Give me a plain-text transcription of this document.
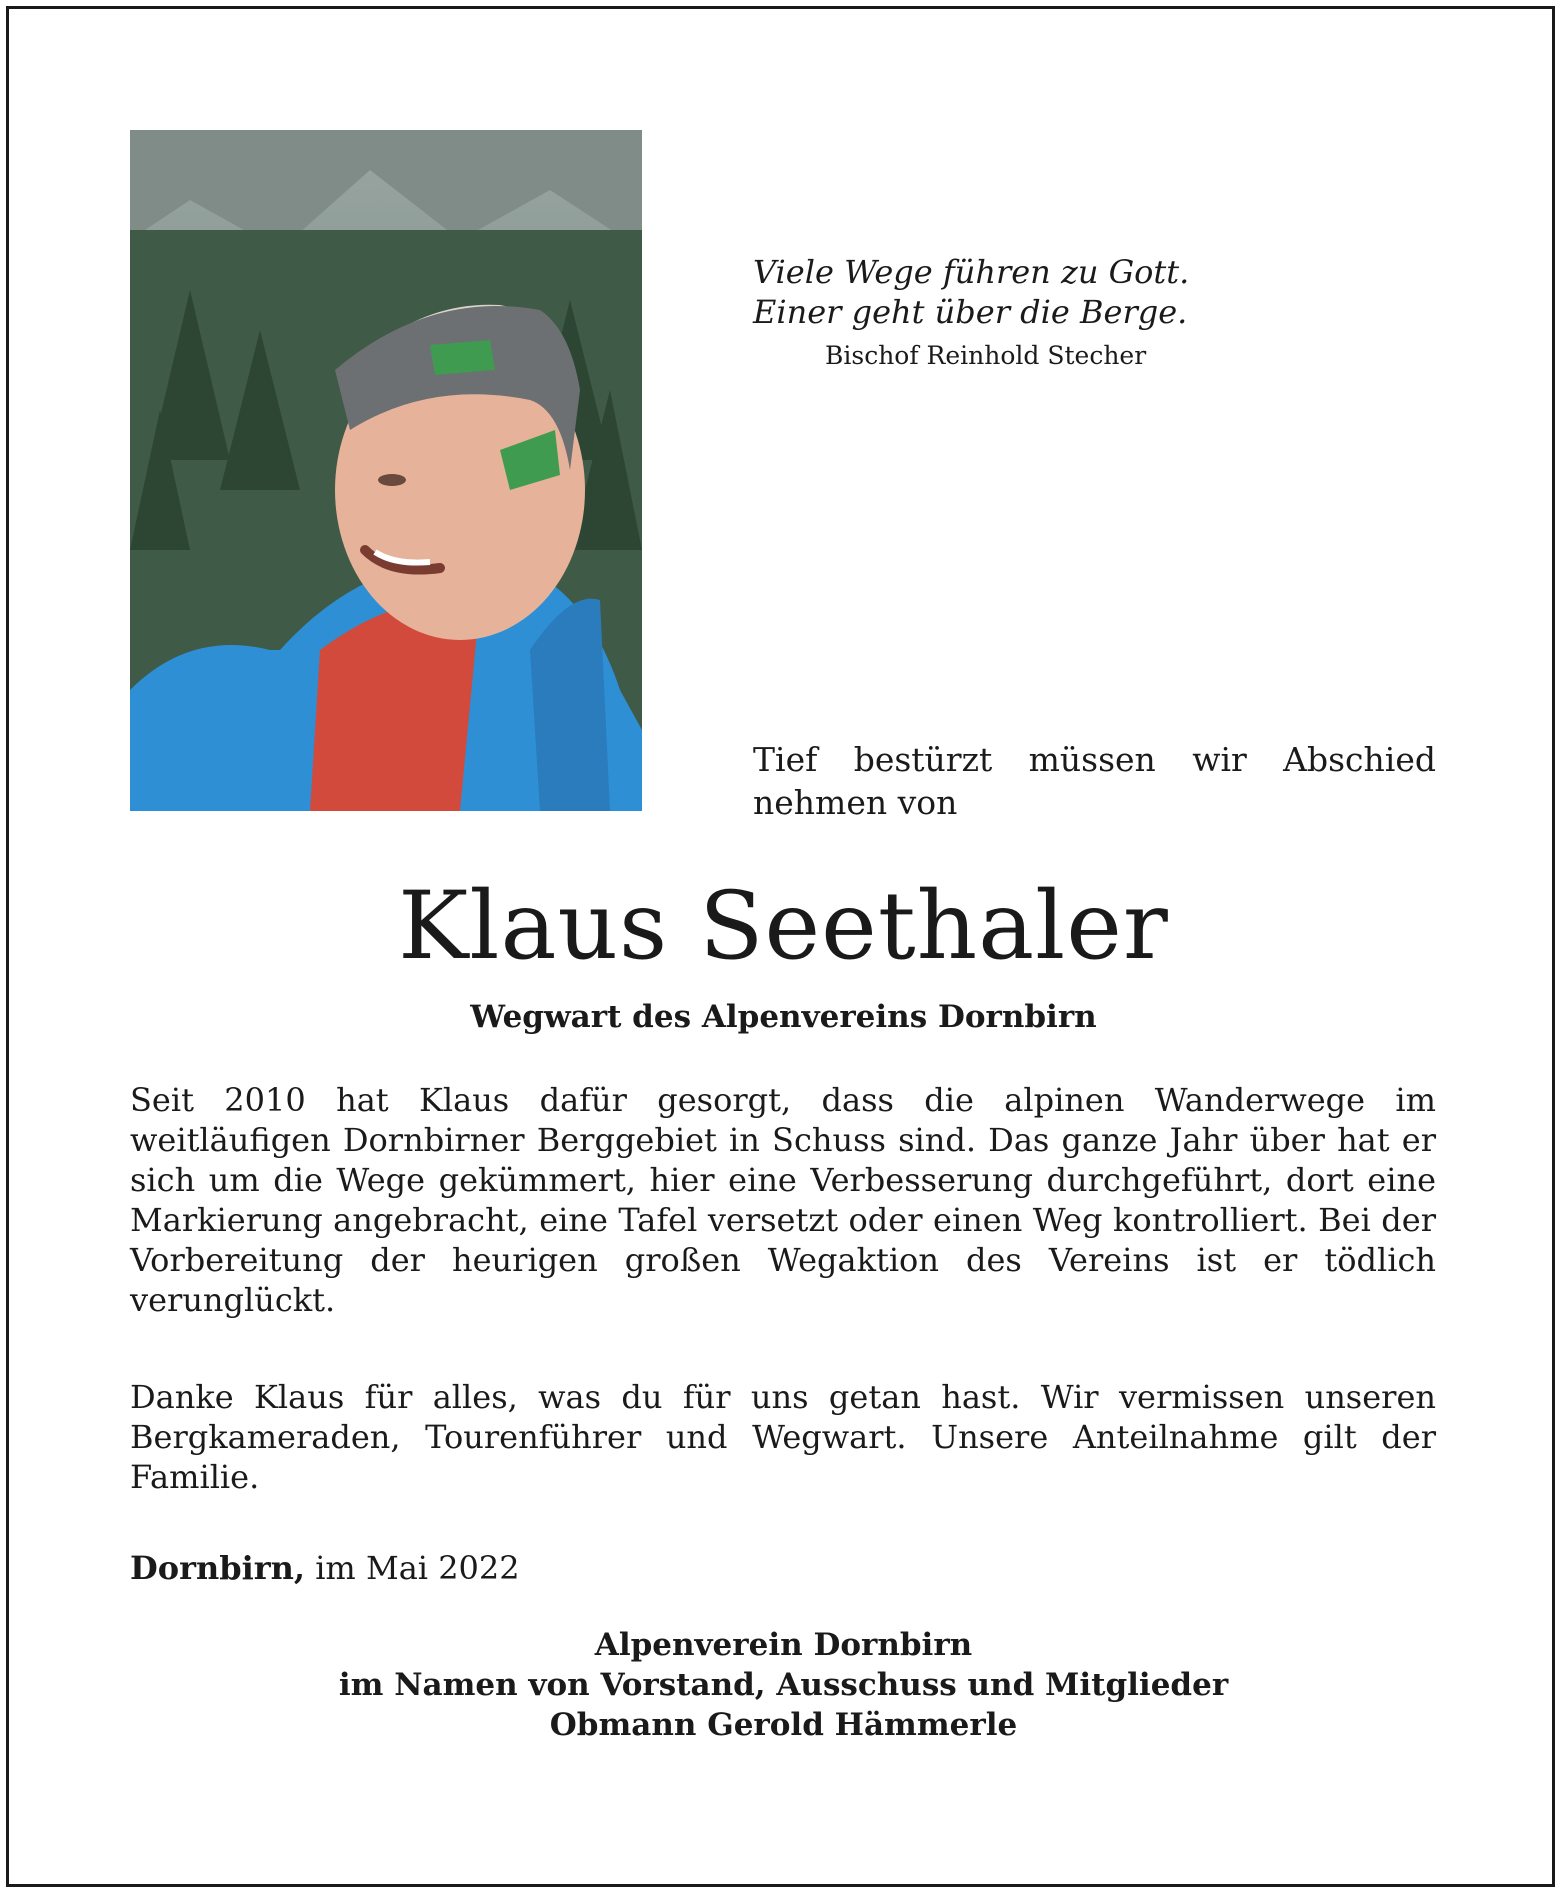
Viele Wege führen zu Gott.
Einer geht über die Berge.
Bischof Reinhold Stecher
Tief bestürzt müssen wir Abschied nehmen von
Klaus Seethaler
Wegwart des Alpenvereins Dornbirn

Seit 2010 hat Klaus dafür gesorgt, dass die alpinen Wanderwege im weitläufigen Dornbirner Berggebiet in Schuss sind. Das ganze Jahr über hat er sich um die Wege gekümmert, hier eine Verbesserung durchgeführt, dort eine Markierung angebracht, eine Tafel versetzt oder einen Weg kontrolliert. Bei der Vorbereitung der heurigen großen Wegaktion des Vereins ist er tödlich verunglückt.

Danke Klaus für alles, was du für uns getan hast. Wir vermissen unseren Bergkameraden, Tourenführer und Wegwart. Unsere Anteilnahme gilt der Familie.

Dornbirn, im Mai 2022
Alpenverein Dornbirn
im Namen von Vorstand, Ausschuss und Mitglieder
Obmann Gerold Hämmerle
